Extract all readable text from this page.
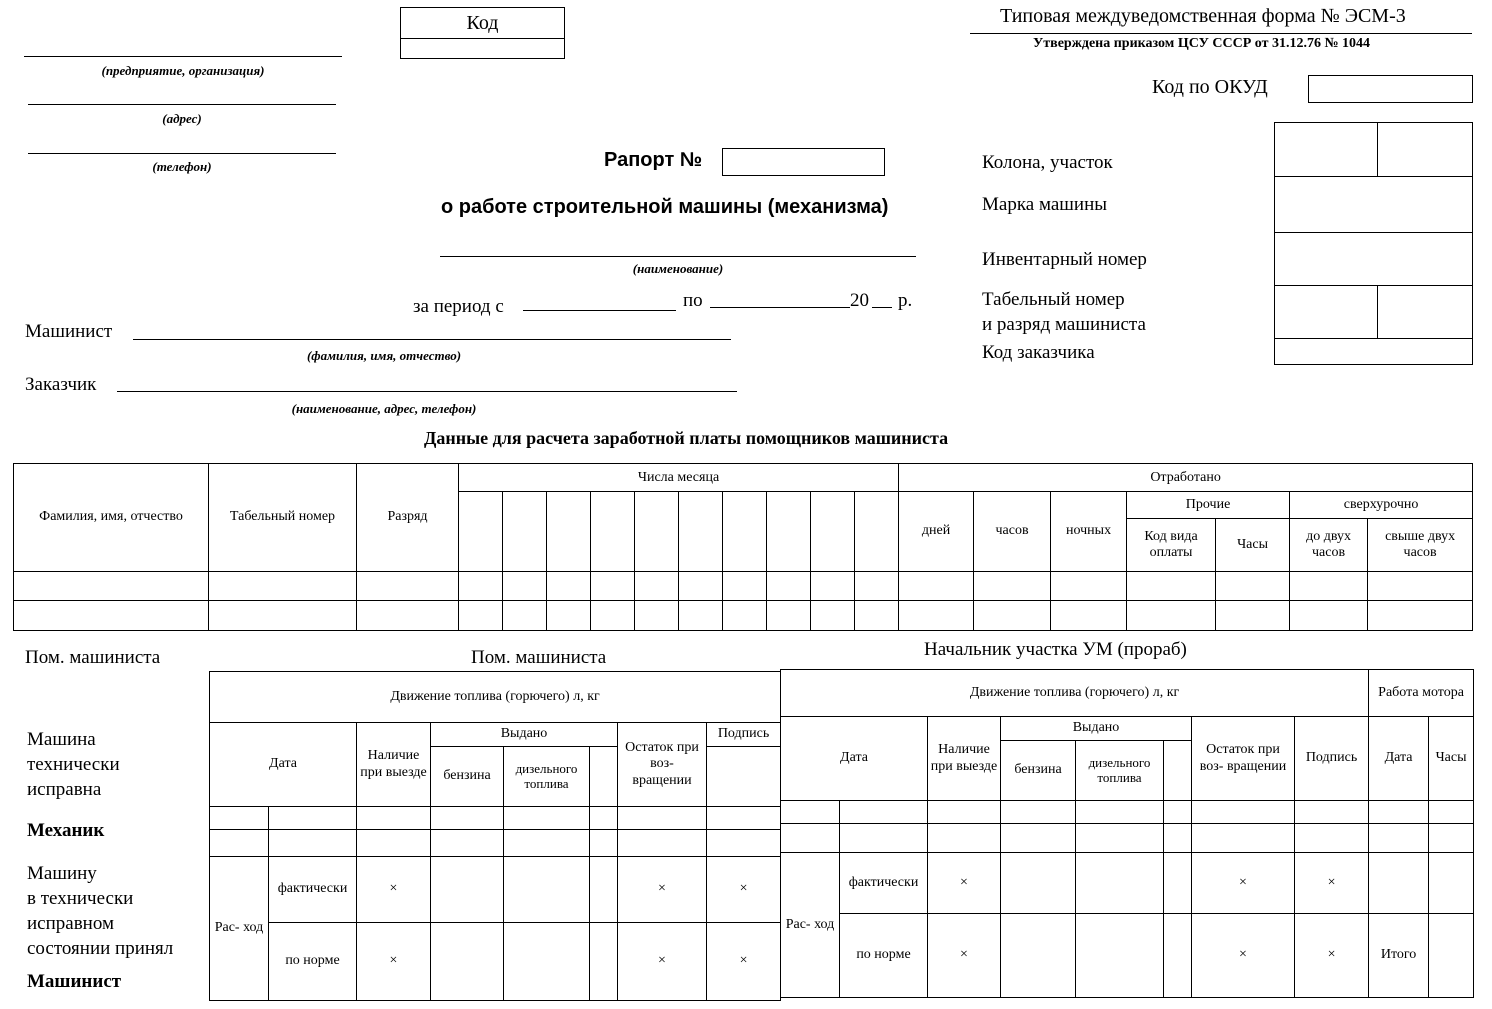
Код	Типовая междуведомственная форма № ЭСМ-3
Утверждена приказом ЦСУ СССР от 31.12.76 № 1044
Код по ОКУД
(предприятие, организация)
(адрес)
(телефон)	Рапорт №
о работе строительной машины (механизма)
(наименование)
за период с	по	20 р.
Колона, участок
Марка машины
Инвентарный номер
Табельный номер
и разряд машиниста
Код заказчика

Машинист
(фамилия, имя, отчество)
Заказчик
(наименование, адрес, телефон)
Данные для расчета заработной платы помощников машиниста
Фамилия, имя, отчество	Табельный номер	Разряд	Числа месяца										Отработано						
													дней	часов	ночных	Прочие		сверхурочно	
																Код вида оплаты	Часы	до двух часов	свыше двух часов

Пом. машиниста	Пом. машиниста	Начальник участка УМ (прораб)
Машина
технически
исправна
Механик
Машину
в технически
исправном
состоянии принял
Машинист
Движение топлива (горючего) л, кг							
Дата		Наличие при выезде	Выдано			Остаток при воз- вращении	Подпись
			бензина	дизельного топлива			

Рас- ход	фактически	×				×	×
	по норме	×				×	×
Движение топлива (горючего) л, кг								Работа мотора	
Дата		Наличие при выезде	Выдано			Остаток при воз- вращении	Подпись	Дата	Часы
			бензина	дизельного топлива					

Рас- ход	фактически	×				×	×		
	по норме	×				×	×	Итого	
